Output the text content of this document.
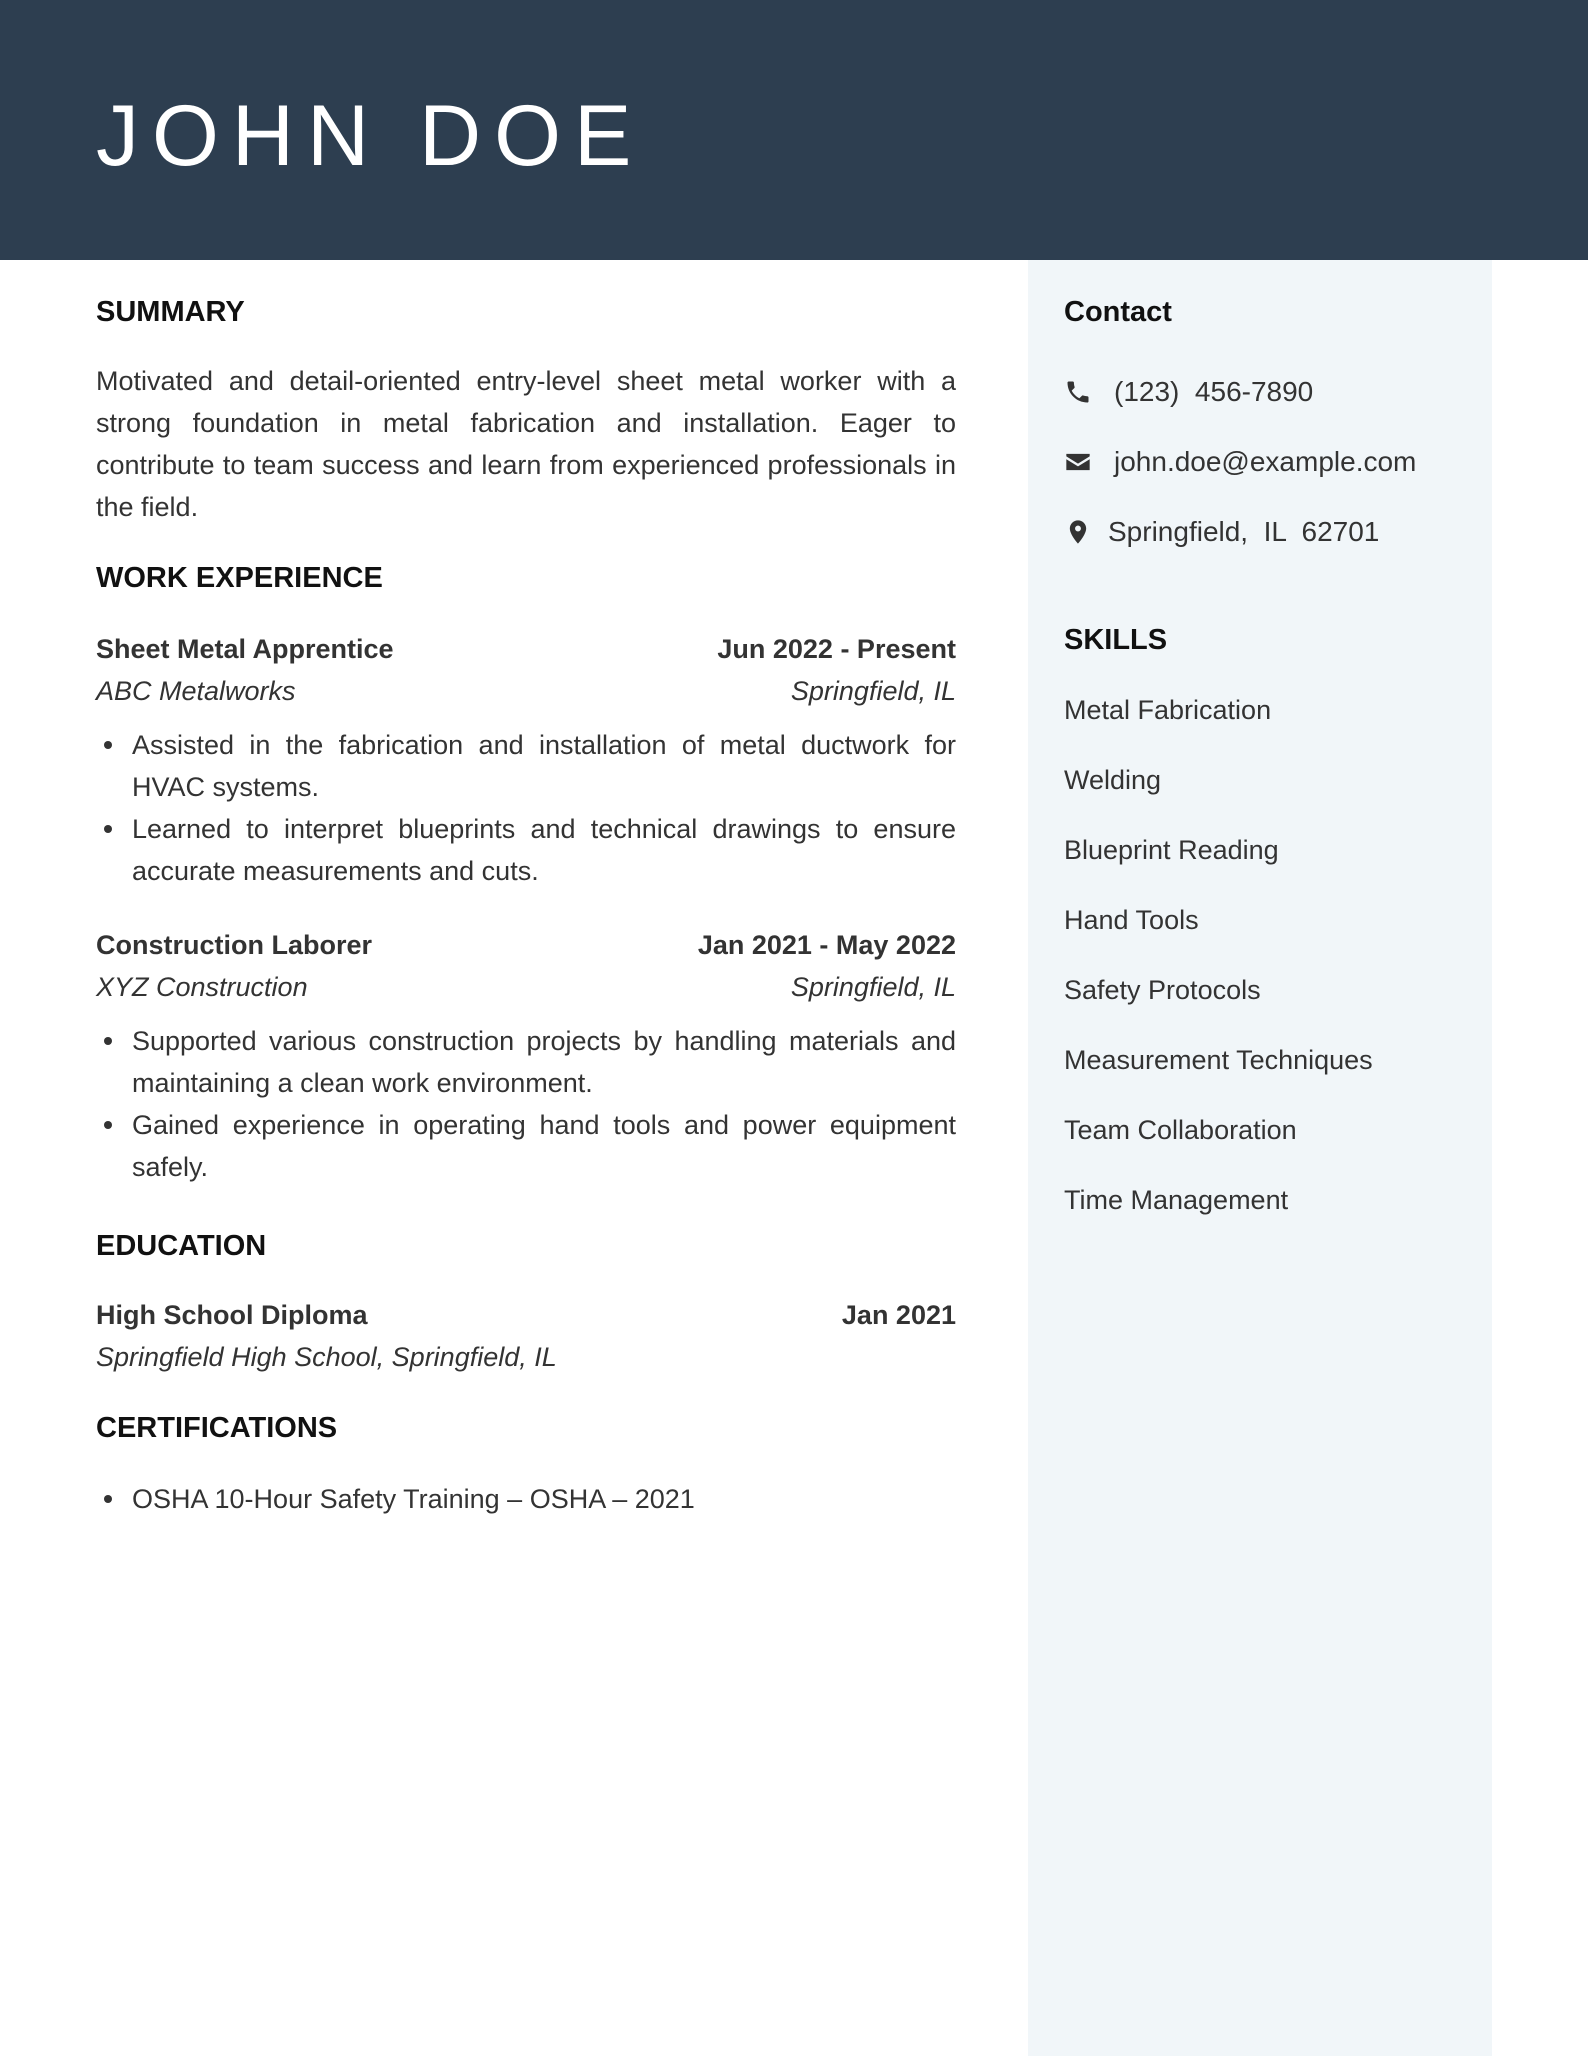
JOHN DOE
SUMMARY
Motivated and detail-oriented entry-level sheet metal worker with a strong foundation in metal fabrication and installation. Eager to contribute to team success and learn from experienced professionals in the field.
WORK EXPERIENCE
Sheet Metal Apprentice	Jun 2022 - Present
ABC Metalworks	Springfield, IL
Assisted in the fabrication and installation of metal ductwork for HVAC systems.
Learned to interpret blueprints and technical drawings to ensure accurate measurements and cuts.
Construction Laborer	Jan 2021 - May 2022
XYZ Construction	Springfield, IL
Supported various construction projects by handling materials and maintaining a clean work environment.
Gained experience in operating hand tools and power equipment safely.
EDUCATION
High School Diploma	Jan 2021
Springfield High School, Springfield, IL
CERTIFICATIONS
OSHA 10-Hour Safety Training – OSHA – 2021
Contact

(123)  456-7890

john.doe@example.com

Springfield,  IL  62701

SKILLS
Metal Fabrication
Welding
Blueprint Reading
Hand Tools
Safety Protocols
Measurement Techniques
Team Collaboration
Time Management
